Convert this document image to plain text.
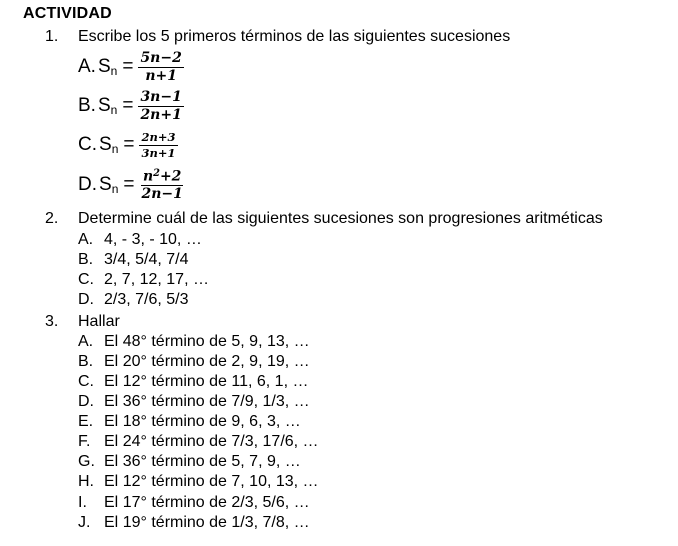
ACTIVIDAD
1. Escribe los 5 primeros términos de las siguientes sucesiones
A. $S_n = \frac{5n-2}{n+1}$
B. $S_n = \frac{3n-1}{2n+1}$
C. $S_n = \frac{2n+3}{3n+1}$
D. $S_n = \frac{n^2+2}{2n-1}$
2. Determine cuál de las siguientes sucesiones son progresiones aritméticas
A. 4, - 3, - 10, …
B. 3/4, 5/4, 7/4
C. 2, 7, 12, 17, …
D. 2/3, 7/6, 5/3
3. Hallar
A. El 48° término de 5, 9, 13, …
B. El 20° término de 2, 9, 19, …
C. El 12° término de 11, 6, 1, …
D. El 36° término de 7/9, 1/3, …
E. El 18° término de 9, 6, 3, …
F. El 24° término de 7/3, 17/6, …
G. El 36° término de 5, 7, 9, …
H. El 12° término de 7, 10, 13, …
I. El 17° término de 2/3, 5/6, …
J. El 19° término de 1/3, 7/8, …
